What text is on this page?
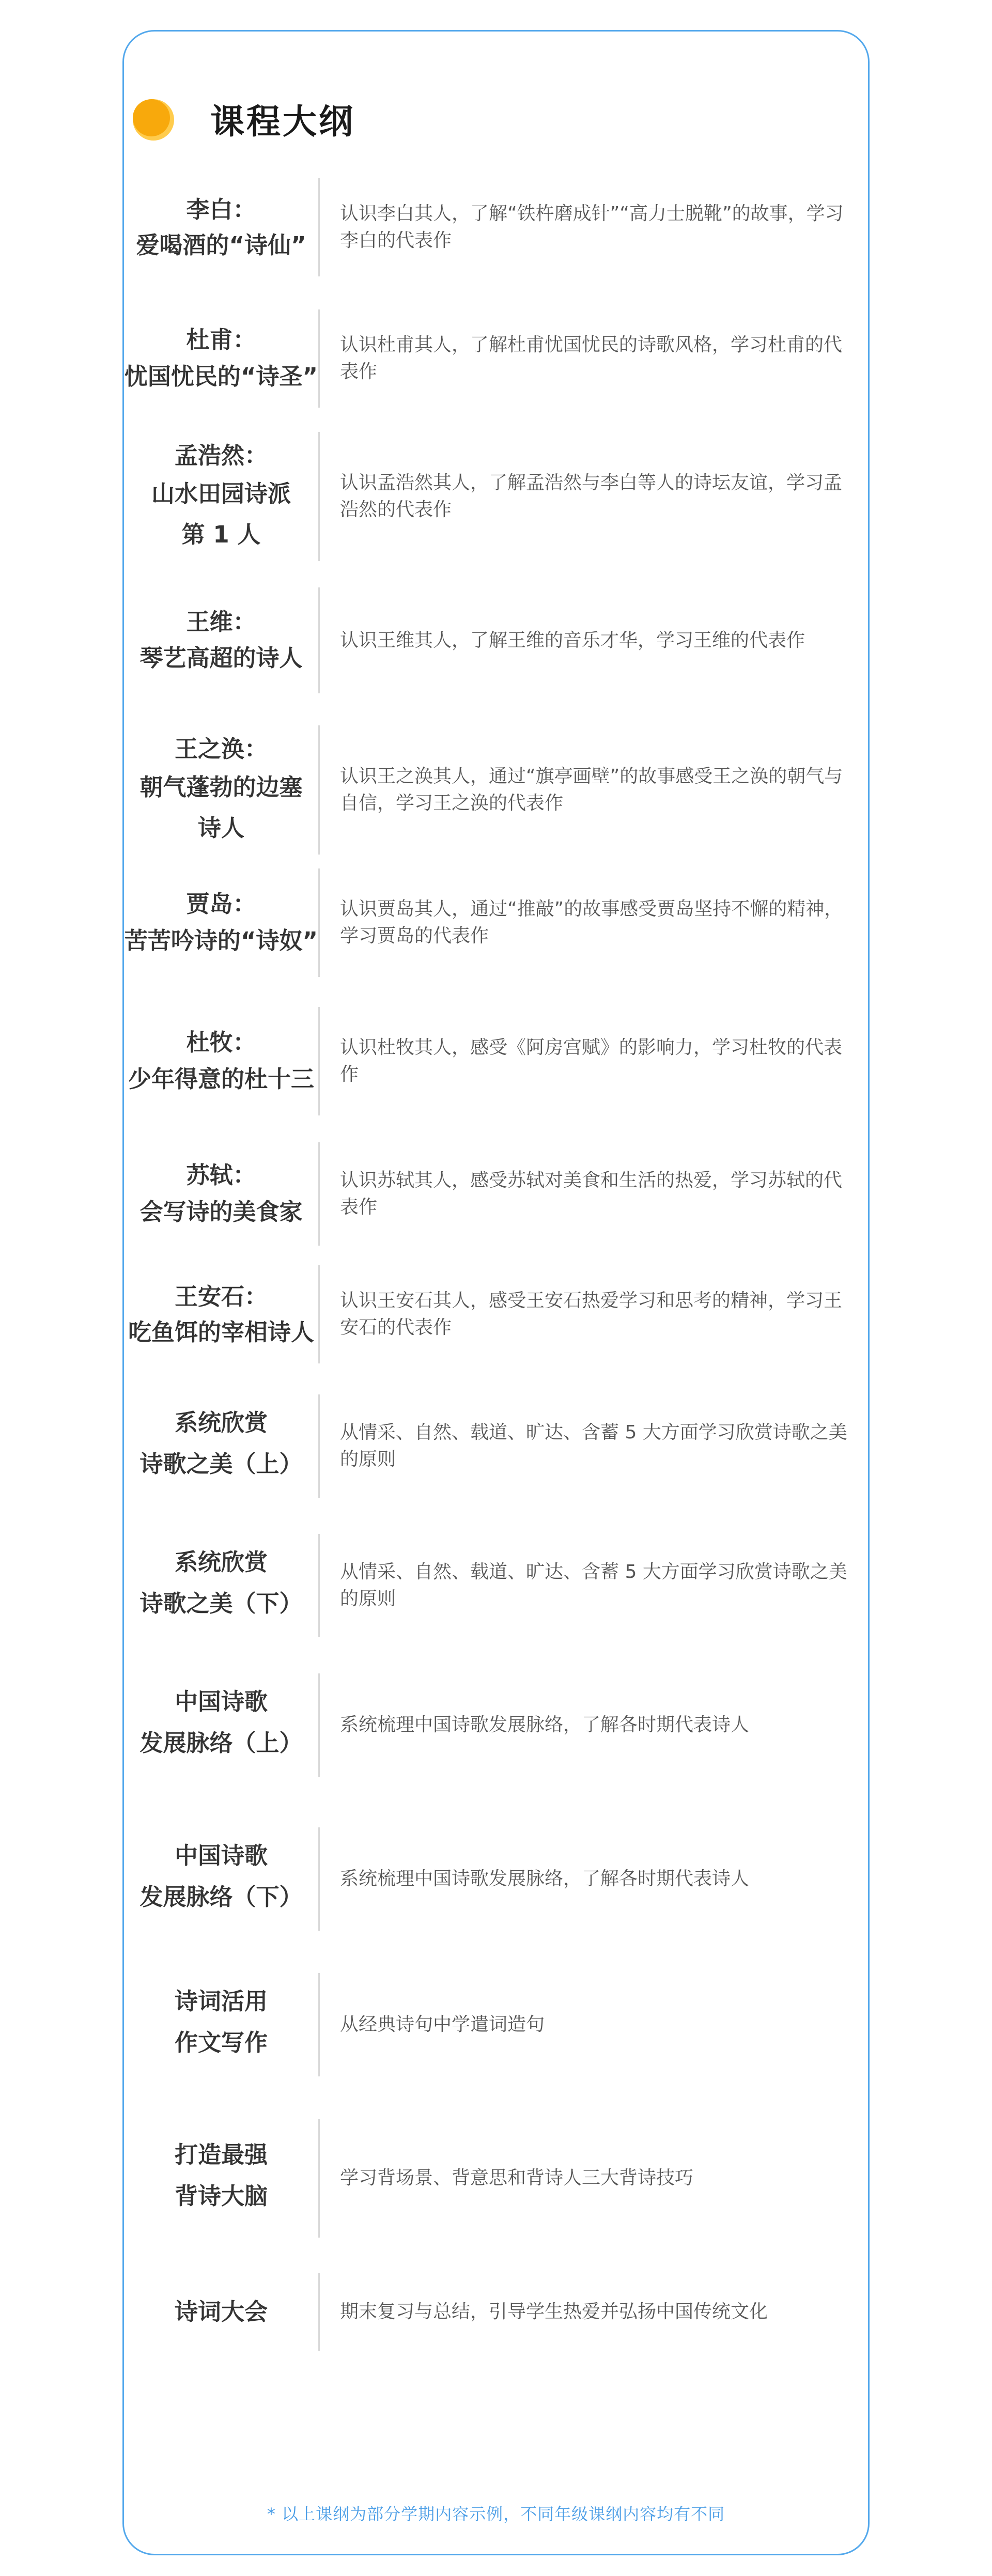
课程大纲
李白：
爱喝酒的“诗仙”

认识李白其人，了解“铁杵磨成针”“高力士脱靴”的故事，学习李白的代表作

杜甫：
忧国忧民的“诗圣”

认识杜甫其人，了解杜甫忧国忧民的诗歌风格，学习杜甫的代表作

孟浩然：
山水田园诗派
第 1 人

认识孟浩然其人，了解孟浩然与李白等人的诗坛友谊，学习孟浩然的代表作

王维：
琴艺高超的诗人

认识王维其人，了解王维的音乐才华，学习王维的代表作

王之涣：
朝气蓬勃的边塞
诗人

认识王之涣其人，通过“旗亭画壁”的故事感受王之涣的朝气与自信，学习王之涣的代表作

贾岛：
苦苦吟诗的“诗奴”

认识贾岛其人，通过“推敲”的故事感受贾岛坚持不懈的精神，学习贾岛的代表作

杜牧：
少年得意的杜十三

认识杜牧其人，感受《阿房宫赋》的影响力，学习杜牧的代表作

苏轼：
会写诗的美食家

认识苏轼其人，感受苏轼对美食和生活的热爱，学习苏轼的代表作

王安石：
吃鱼饵的宰相诗人

认识王安石其人，感受王安石热爱学习和思考的精神，学习王安石的代表作

系统欣赏
诗歌之美（上）

从情采、自然、载道、旷达、含蓄 5 大方面学习欣赏诗歌之美的原则

系统欣赏
诗歌之美（下）

从情采、自然、载道、旷达、含蓄 5 大方面学习欣赏诗歌之美的原则

中国诗歌
发展脉络（上）

系统梳理中国诗歌发展脉络，了解各时期代表诗人

中国诗歌
发展脉络（下）

系统梳理中国诗歌发展脉络，了解各时期代表诗人

诗词活用
作文写作

从经典诗句中学遣词造句

打造最强
背诗大脑

学习背场景、背意思和背诗人三大背诗技巧

诗词大会	期末复习与总结，引导学生热爱并弘扬中国传统文化

* 以上课纲为部分学期内容示例，不同年级课纲内容均有不同
